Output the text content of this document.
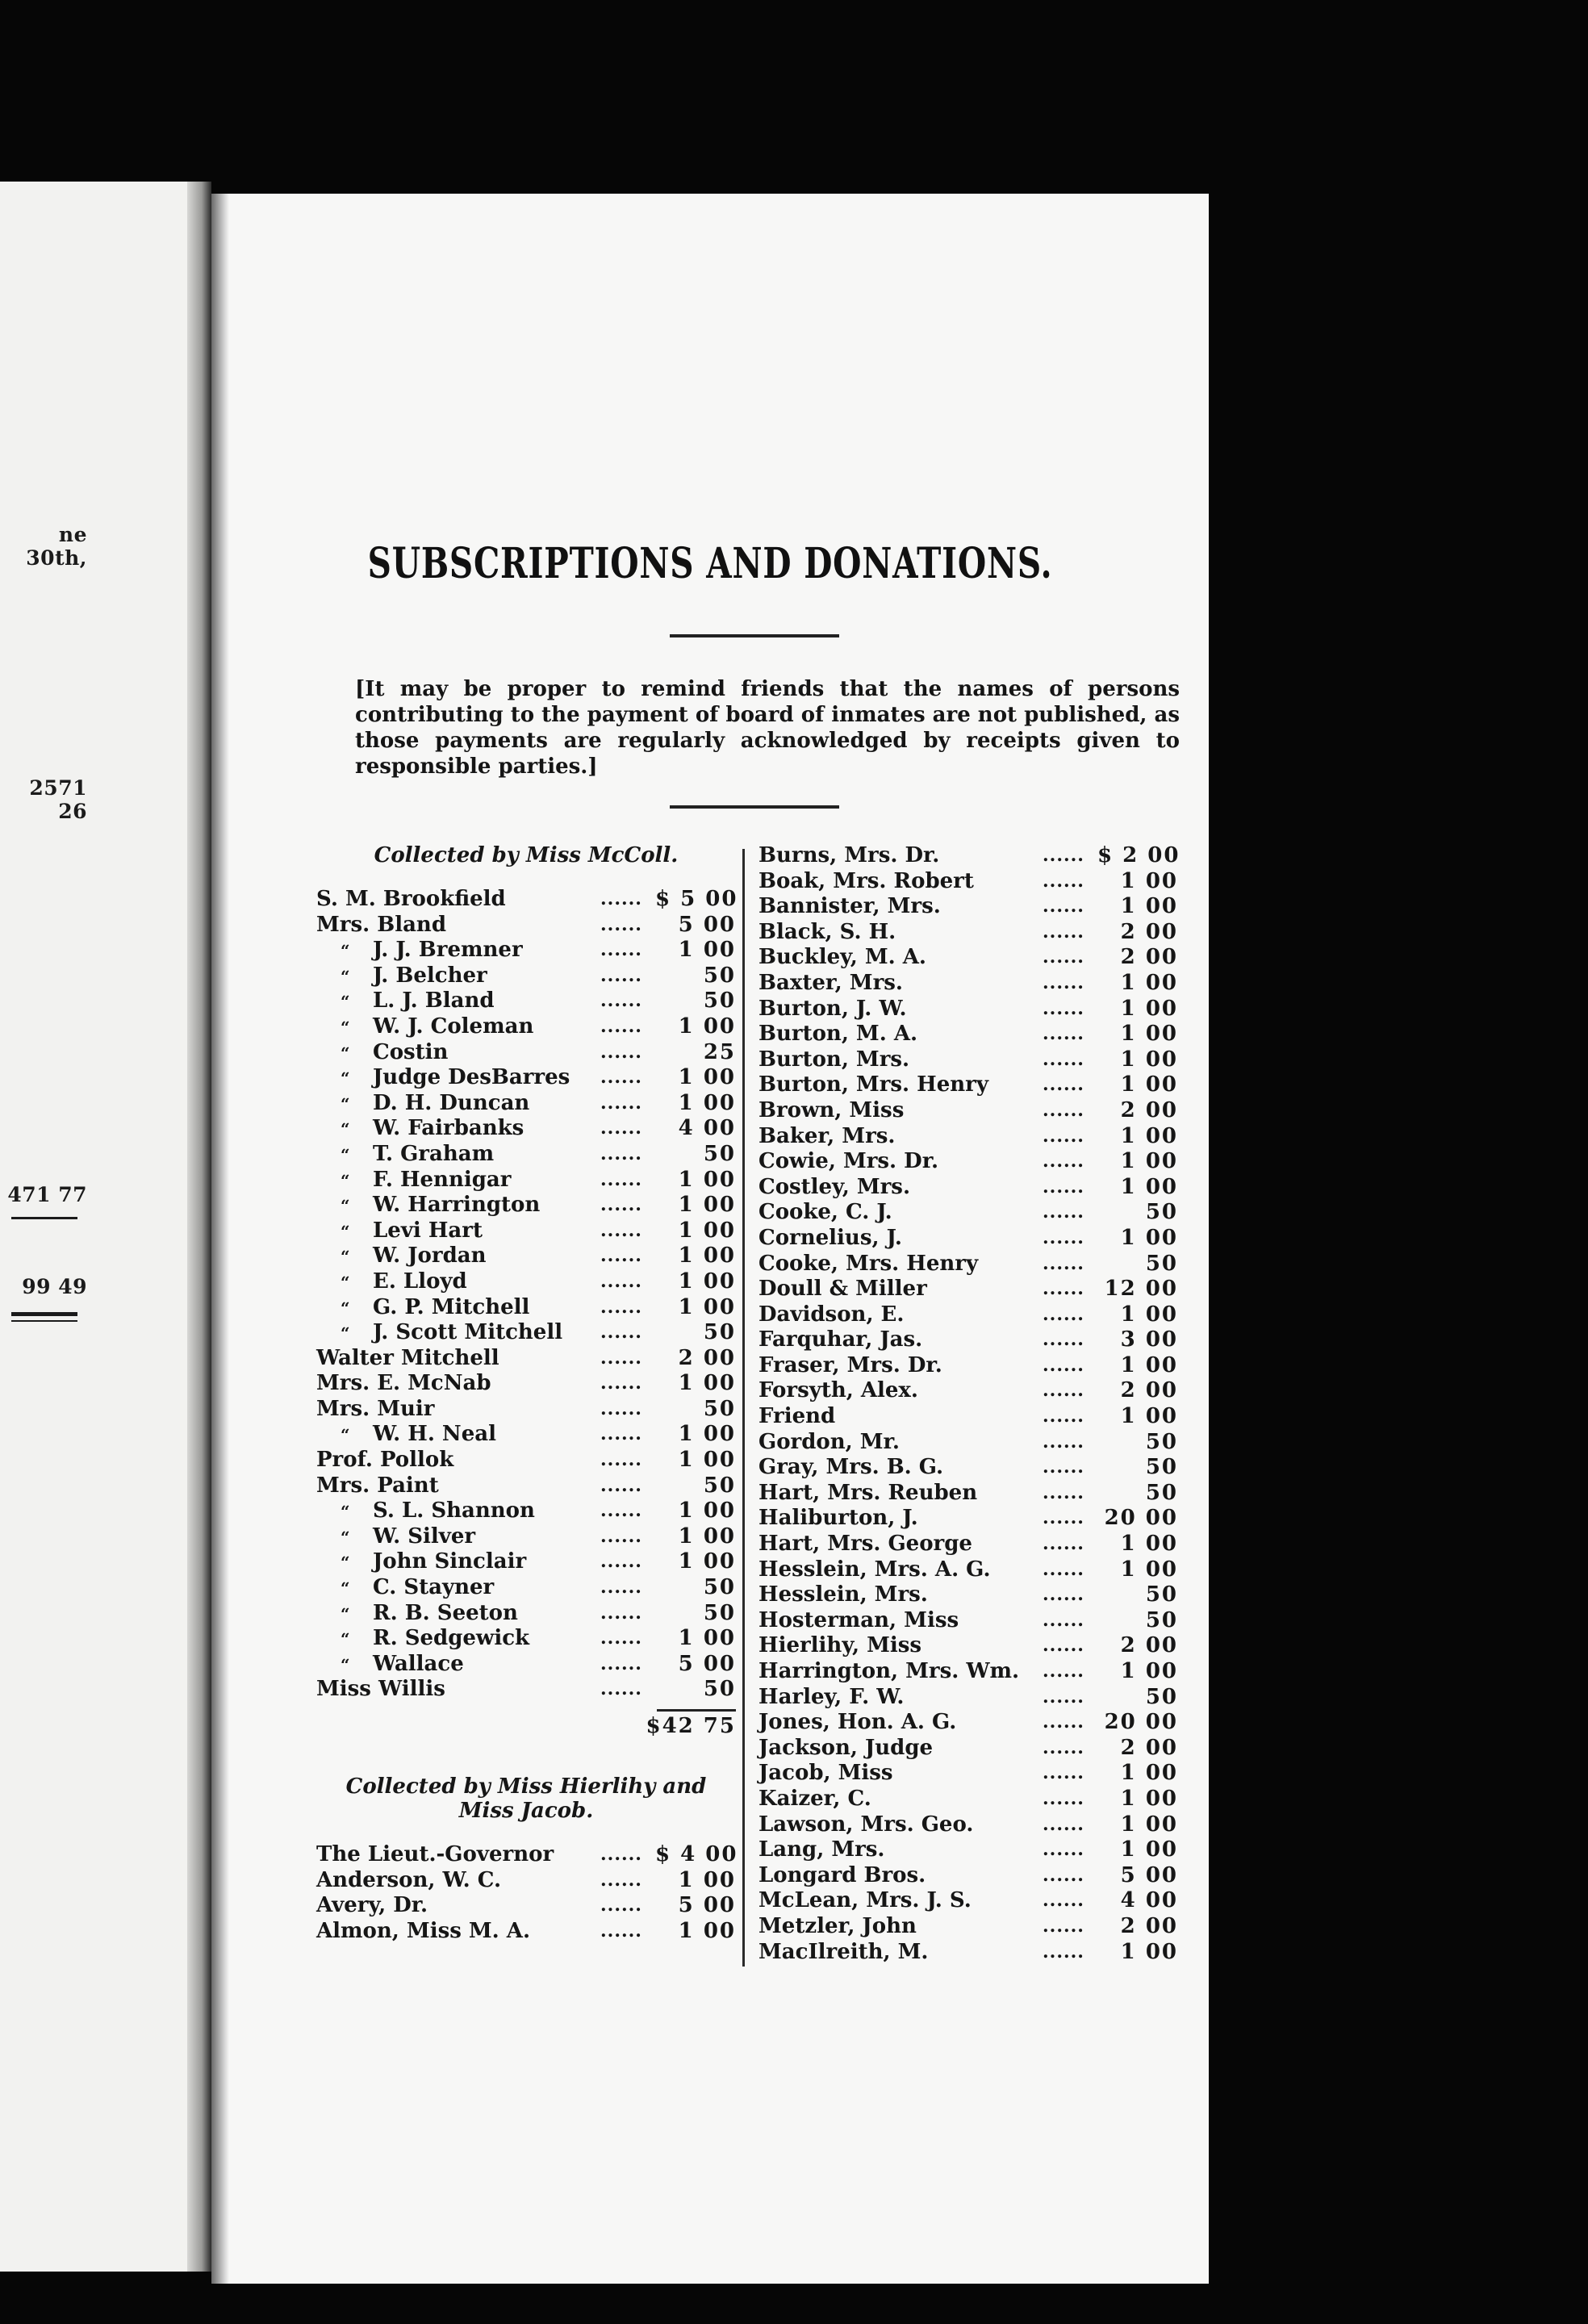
ne 30th,
2571 26
471 77
99 49
SUBSCRIPTIONS AND DONATIONS.

[It may be proper to remind friends that the names of persons contributing to the payment of board of inmates are not published, as those payments are regularly acknowledged by receipts given to responsible parties.]

Collected by Miss McColl.
S. M. Brookfield	...... $ 5 00
Mrs. Bland	......	5 00
“ J. J. Bremner	......	1 00
“ J. Belcher	......	50
“ L. J. Bland	......	50
“ W. J. Coleman	......	1 00
“ Costin	......	25
“ Judge DesBarres ......	1 00
“ D. H. Duncan	......	1 00
“ W. Fairbanks	......	4 00
“ T. Graham	......	50
“ F. Hennigar	......	1 00
“ W. Harrington	......	1 00
“ Levi Hart	......	1 00
“ W. Jordan	......	1 00
“ E. Lloyd	......	1 00
“ G. P. Mitchell	......	1 00
“ J. Scott Mitchell ......	50
Walter Mitchell	......	2 00
Mrs. E. McNab	......	1 00
Mrs. Muir	......	50
“ W. H. Neal	......	1 00
Prof. Pollok	......	1 00
Mrs. Paint	......	50
“ S. L. Shannon	......	1 00
“ W. Silver	......	1 00
“ John Sinclair	......	1 00
“ C. Stayner	......	50
“ R. B. Seeton	......	50
“ R. Sedgewick	......	1 00
“ Wallace	......	5 00
Miss Willis	......	50
$42 75
Collected by Miss Hierlihy and
Miss Jacob.
The Lieut.-Governor	...... $ 4 00
Anderson, W. C.	......	1 00
Avery, Dr.	......	5 00
Almon, Miss M. A.	......	1 00
Burns, Mrs. Dr.	...... $ 2 00
Boak, Mrs. Robert	......	1 00
Bannister, Mrs.	......	1 00
Black, S. H.	......	2 00
Buckley, M. A.	......	2 00
Baxter, Mrs.	......	1 00
Burton, J. W.	......	1 00
Burton, M. A.	......	1 00
Burton, Mrs.	......	1 00
Burton, Mrs. Henry	......	1 00
Brown, Miss	......	2 00
Baker, Mrs.	......	1 00
Cowie, Mrs. Dr.	......	1 00
Costley, Mrs.	......	1 00
Cooke, C. J.	......	50
Cornelius, J.	......	1 00
Cooke, Mrs. Henry	......	50
Doull & Miller	...... 12 00
Davidson, E.	......	1 00
Farquhar, Jas.	......	3 00
Fraser, Mrs. Dr.	......	1 00
Forsyth, Alex.	......	2 00
Friend	......	1 00
Gordon, Mr.	......	50
Gray, Mrs. B. G.	......	50
Hart, Mrs. Reuben	......	50
Haliburton, J.	...... 20 00
Hart, Mrs. George	......	1 00
Hesslein, Mrs. A. G.	......	1 00
Hesslein, Mrs.	......	50
Hosterman, Miss	......	50
Hierlihy, Miss	......	2 00
Harrington, Mrs. Wm. ......	1 00
Harley, F. W.	......	50
Jones, Hon. A. G.	...... 20 00
Jackson, Judge	......	2 00
Jacob, Miss	......	1 00
Kaizer, C.	......	1 00
Lawson, Mrs. Geo.	......	1 00
Lang, Mrs.	......	1 00
Longard Bros.	......	5 00
McLean, Mrs. J. S.	......	4 00
Metzler, John	......	2 00
MacIlreith, M.	......	1 00
